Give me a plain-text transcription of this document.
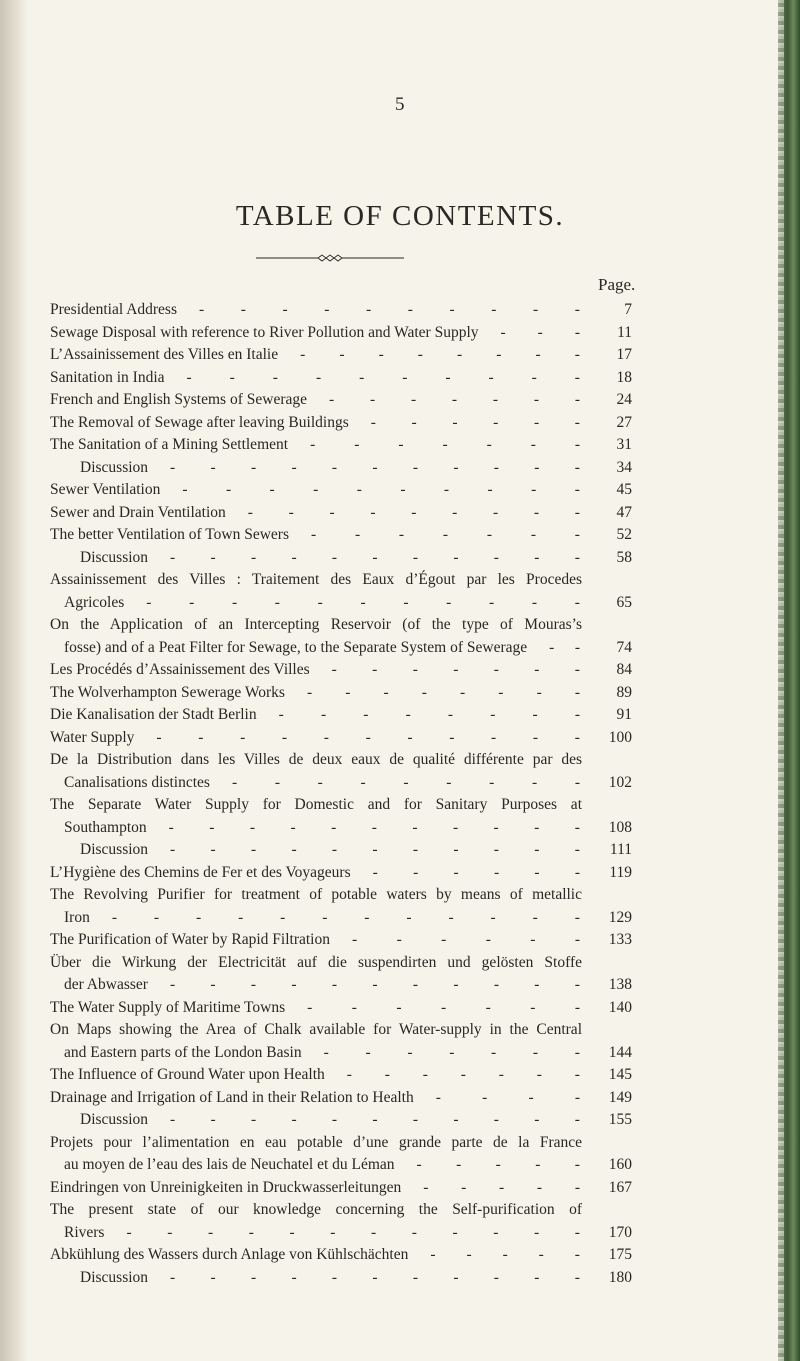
5
TABLE OF CONTENTS.
Page.
Presidential Address	7
- - - - - - - - - -
Sewage Disposal with reference to River Pollution and Water Supply	11
- - -
L’Assainissement des Villes en Italie	17
- - - - - - - -
Sanitation in India	18
- - - - - - - - - -
French and English Systems of Sewerage	24
- - - - - - -
The Removal of Sewage after leaving Buildings	27
- - - - - -
The Sanitation of a Mining Settlement	31
-	-	-	-	-	-	-
Discussion	34
- - - - - - - - - - -
Sewer Ventilation	45
- - - - - - - - - -
Sewer and Drain Ventilation	47
- - - - - - - - -
The better Ventilation of Town Sewers	52
-	-	-	-	-	-	-
Discussion	58
- - - - - - - - - - -
Assainissement des Villes : Traitement des Eaux d’Égout par les Procedes
Agricoles	65
- - - - - - - - - - -
On the Application of an Intercepting Reservoir (of the type of Mouras’s
fosse) and of a Peat Filter for Sewage, to the Separate System of Sewerage	74
- -
Les Procédés d’Assainissement des Villes	84
- - - - - - -
The Wolverhampton Sewerage Works	89
- - - - - - - -
Die Kanalisation der Stadt Berlin	91
- - - - - - - -
Water Supply	100
- - - - - - - - - - -
De la Distribution dans les Villes de deux eaux de qualité différente par des
Canalisations distinctes	102
- - - - - - - - -
The Separate Water Supply for Domestic and for Sanitary Purposes at
Southampton	108
- - - - - - - - - - -
Discussion	111
- - - - - - - - - - -
L’Hygiène des Chemins de Fer et des Voyageurs	119
- - - - - -
The Revolving Purifier for treatment of potable waters by means of metallic
Iron	129
- - - - - - - - - - - -
The Purification of Water by Rapid Filtration	133
-	-	-	-	-	-
Über die Wirkung der Electricität auf die suspendirten und gelösten Stoffe
der Abwasser	138
- - - - - - - - - - -
The Water Supply of Maritime Towns	140
-	-	-	-	-	-	-
On Maps showing the Area of Chalk available for Water-supply in the Central
and Eastern parts of the London Basin	144
- - - - - - -
The Influence of Ground Water upon Health	145
- - - - - - -
Drainage and Irrigation of Land in their Relation to Health	149
-	-	-	-
Discussion	155
- - - - - - - - - - -
Projets pour l’alimentation en eau potable d’une grande parte de la France
au moyen de l’eau des lais de Neuchatel et du Léman	160
- - - - -
Eindringen von Unreinigkeiten in Druckwasserleitungen	167
- - - - -
The present state of our knowledge concerning the Self-purification of
Rivers	170
- - - - - - - - - - - -
Abkühlung des Wassers durch Anlage von Kühlschächten	175
- - - - -
Discussion	180
- - - - - - - - - - -
